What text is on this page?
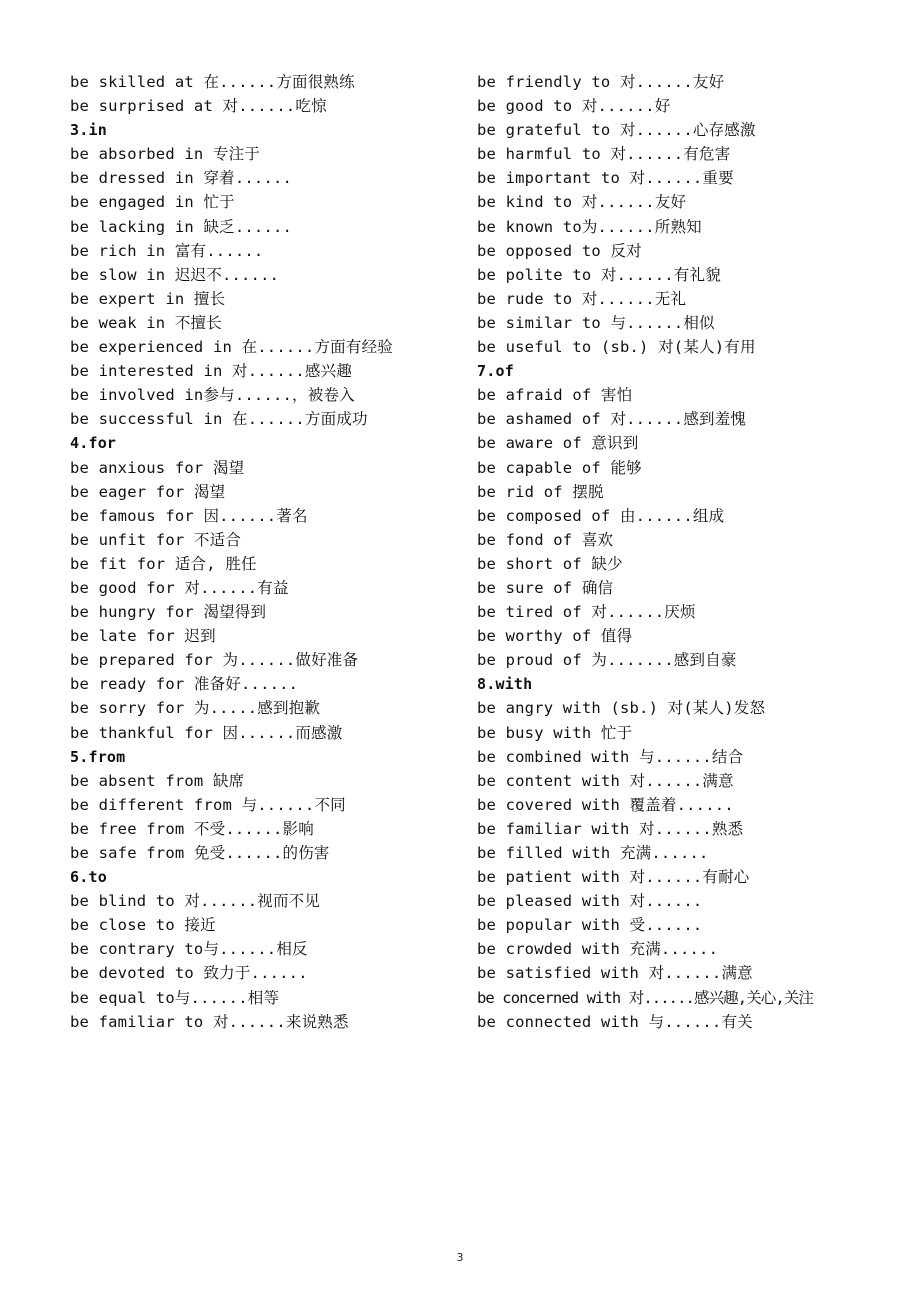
be skilled at 在......方面很熟练
be surprised at 对......吃惊
3.in
be absorbed in 专注于
be dressed in 穿着......
be engaged in 忙于
be lacking in 缺乏......
be rich in 富有......
be slow in 迟迟不......
be expert in 擅长
be weak in 不擅长
be experienced in 在......方面有经验
be interested in 对......感兴趣
be involved in参与......，被卷入
be successful in 在......方面成功
4.for
be anxious for 渴望
be eager for 渴望
be famous for 因......著名
be unfit for 不适合
be fit for 适合, 胜任
be good for 对......有益
be hungry for 渴望得到
be late for 迟到
be prepared for 为......做好准备
be ready for 准备好......
be sorry for 为.....感到抱歉
be thankful for 因......而感激
5.from
be absent from 缺席
be different from 与......不同
be free from 不受......影响
be safe from 免受......的伤害
6.to
be blind to 对......视而不见
be close to 接近
be contrary to与......相反
be devoted to 致力于......
be equal to与......相等
be familiar to 对......来说熟悉
be friendly to 对......友好
be good to 对......好
be grateful to 对......心存感激
be harmful to 对......有危害
be important to 对......重要
be kind to 对......友好
be known to为......所熟知
be opposed to 反对
be polite to 对......有礼貌
be rude to 对......无礼
be similar to 与......相似
be useful to (sb.) 对(某人)有用
7.of
be afraid of 害怕
be ashamed of 对......感到羞愧
be aware of 意识到
be capable of 能够
be rid of 摆脱
be composed of 由......组成
be fond of 喜欢
be short of 缺少
be sure of 确信
be tired of 对......厌烦
be worthy of 值得
be proud of 为.......感到自豪
8.with
be angry with (sb.) 对(某人)发怒
be busy with 忙于
be combined with 与......结合
be content with 对......满意
be covered with 覆盖着......
be familiar with 对......熟悉
be filled with 充满......
be patient with 对......有耐心
be pleased with 对......
be popular with 受......
be crowded with 充满......
be satisfied with 对......满意
be concerned with 对......感兴趣,关心,关注
be connected with 与......有关
3
